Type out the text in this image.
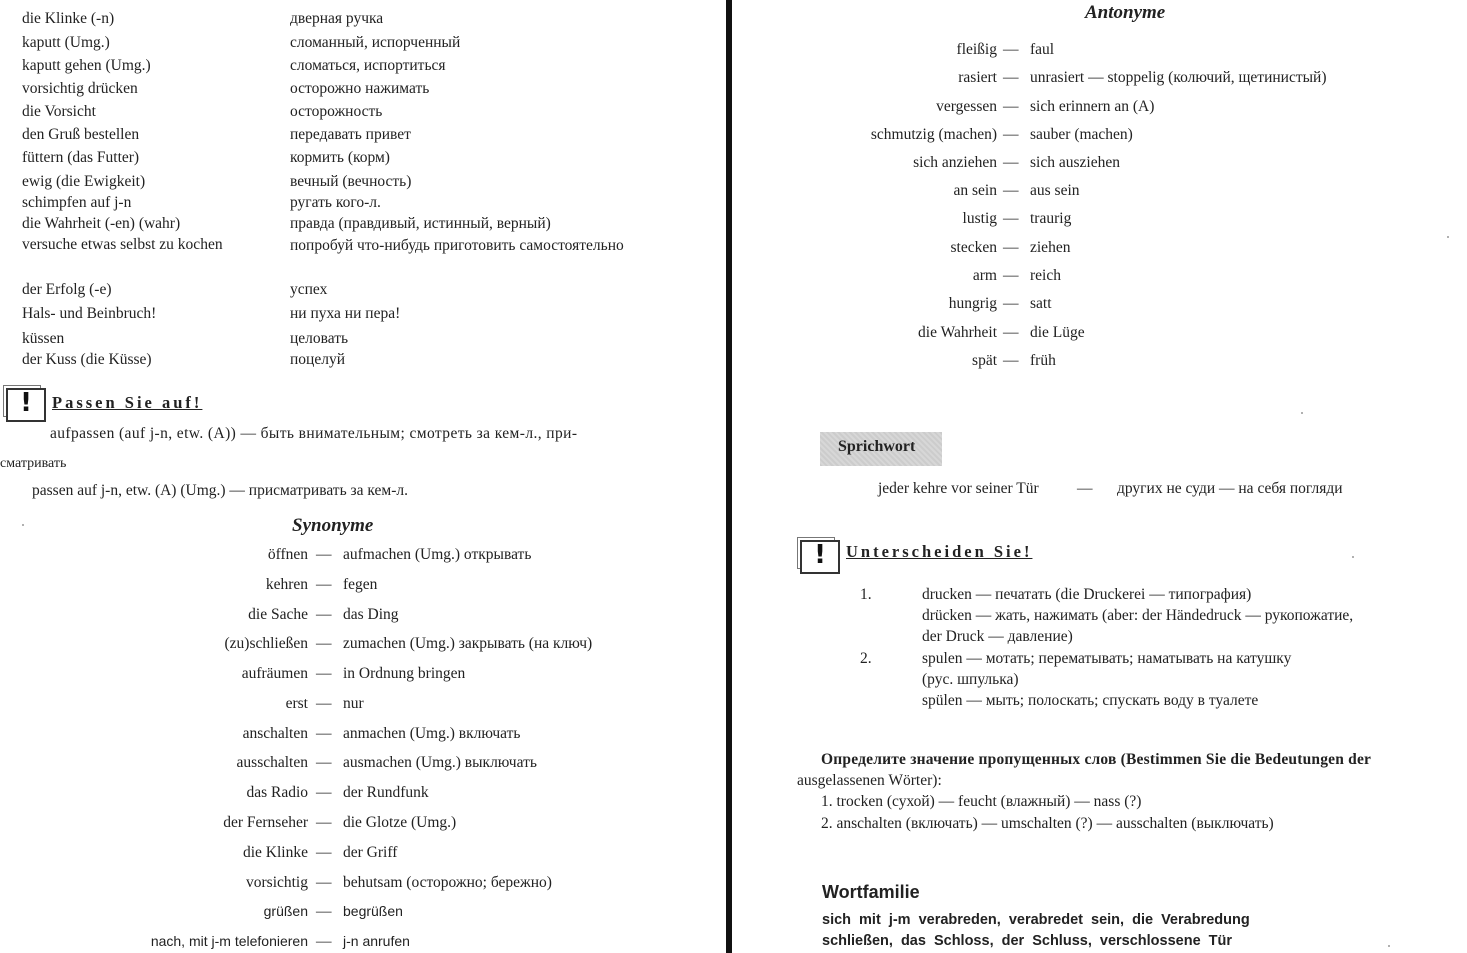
die Klinke (-n)	дверная ручка
kaputt (Umg.)	сломанный, испорченный
kaputt gehen (Umg.)	сломаться, испортиться
vorsichtig drücken	осторожно нажимать
die Vorsicht	осторожность
den Gruß bestellen	передавать привет
füttern (das Futter)	кормить (корм)
ewig (die Ewigkeit)	вечный (вечность)
schimpfen auf j-n	ругать кого-л.
die Wahrheit (-en) (wahr)	правда (правдивый, истинный, верный)
versuche etwas selbst zu kochen	попробуй что-нибудь приготовить самостоятельно
der Erfolg (-e)	успех
Hals- und Beinbruch!	ни пуха ни пера!
küssen	целовать
der Kuss (die Küsse)	поцелуй
!	Passen Sie auf!
aufpassen (auf j-n, etw. (A)) — быть внимательным; смотреть за кем-л., при-
сматривать
passen auf j-n, etw. (A) (Umg.) — присматривать за кем-л.
Synonyme
öffnen — aufmachen (Umg.) открывать
kehren — fegen
die Sache — das Ding
(zu)schließen — zumachen (Umg.) закрывать (на ключ)
aufräumen — in Ordnung bringen
erst — nur
anschalten — anmachen (Umg.) включать
ausschalten — ausmachen (Umg.) выключать
das Radio — der Rundfunk
der Fernseher — die Glotze (Umg.)
die Klinke — der Griff
vorsichtig — behutsam (осторожно; бережно)
grüßen — begrüßen
nach, mit j-m telefonieren — j-n anrufen
Antonyme
fleißig — faul
rasiert — unrasiert — stoppelig (колючий, щетинистый)
vergessen — sich erinnern an (A)
schmutzig (machen) — sauber (machen)
sich anziehen — sich ausziehen
an sein — aus sein
lustig — traurig
stecken — ziehen
arm — reich
hungrig — satt
die Wahrheit — die Lüge
spät — früh
Sprichwort
jeder kehre vor seiner Tür — других не суди — на себя погляди
!	Unterscheiden Sie!
1.	drucken — печатать (die Druckerei — типография)
drücken — жать, нажимать (aber: der Händedruck — рукопожатие,
der Druck — давление)
2.	spulen — мотать; перематывать; наматывать на катушку
(рус. шпулька)
spülen — мыть; полоскать; спускать воду в туалете
Определите значение пропущенных слов (Bestimmen Sie die Bedeutungen der
ausgelassenen Wörter):
1. trocken (сухой) — feucht (влажный) — nass (?)
2. anschalten (включать) — umschalten (?) — ausschalten (выключать)
Wortfamilie
sich mit j-m verabreden, verabredet sein, die Verabredung
schließen, das Schloss, der Schluss, verschlossene Tür
